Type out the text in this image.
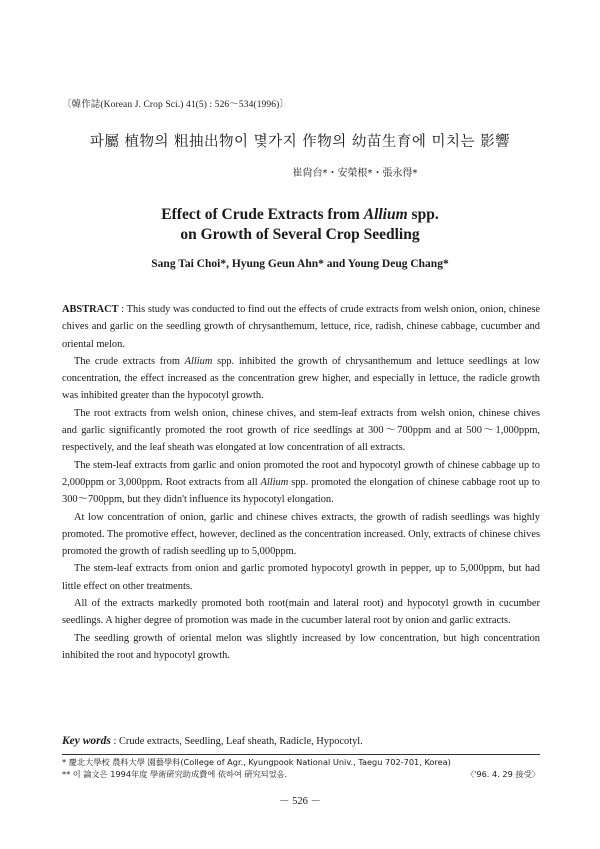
〔韓作誌(Korean J. Crop Sci.) 41(5) : 526～534(1996)〕
파屬 植物의 粗抽出物이 몇가지 作物의 幼苗生育에 미치는 影響
崔尙台*・安榮根*・張永得*
Effect of Crude Extracts from Allium spp.
on Growth of Several Crop Seedling
Sang Tai Choi*, Hyung Geun Ahn* and Young Deug Chang*

ABSTRACT : This study was conducted to find out the effects of crude extracts from welsh onion, onion, chinese chives and garlic on the seedling growth of chrysanthemum, lettuce, rice, radish, chinese cabbage, cucumber and oriental melon.

The crude extracts from Allium spp. inhibited the growth of chrysanthemum and lettuce seedlings at low concentration, the effect increased as the concentration grew higher, and especially in lettuce, the radicle growth was inhibited greater than the hypocotyl growth.

The root extracts from welsh onion, chinese chives, and stem-leaf extracts from welsh onion, chinese chives and garlic significantly promoted the root growth of rice seedlings at 300～700ppm and at 500～1,000ppm, respectively, and the leaf sheath was elongated at low concentration of all extracts.

The stem-leaf extracts from garlic and onion promoted the root and hypocotyl growth of chinese cabbage up to 2,000ppm or 3,000ppm. Root extracts from all Allium spp. promoted the elongation of chinese cabbage root up to 300～700ppm, but they didn't influence its hypocotyl elongation.

At low concentration of onion, garlic and chinese chives extracts, the growth of radish seedlings was highly promoted. The promotive effect, however, declined as the concentration increased. Only, extracts of chinese chives promoted the growth of radish seedling up to 5,000ppm.

The stem-leaf extracts from onion and garlic promoted hypocotyl growth in pepper, up to 5,000ppm, but had little effect on other treatments.

All of the extracts markedly promoted both root(main and lateral root) and hypocotyl growth in cucumber seedlings. A higher degree of promotion was made in the cucumber lateral root by onion and garlic extracts.

The seedling growth of oriental melon was slightly increased by low concentration, but high concentration inhibited the root and hypocotyl growth.

Key words : Crude extracts, Seedling, Leaf sheath, Radicle, Hypocotyl.
* 慶北大學校 農科大學 園藝學科(College of Agr., Kyungpook National Univ., Taegu 702-701, Korea)
** 이 論文은 1994年度 學術硏究助成費에 依하여 硏究되었음.	〈'96. 4. 29 接受〉
－ 526 －
